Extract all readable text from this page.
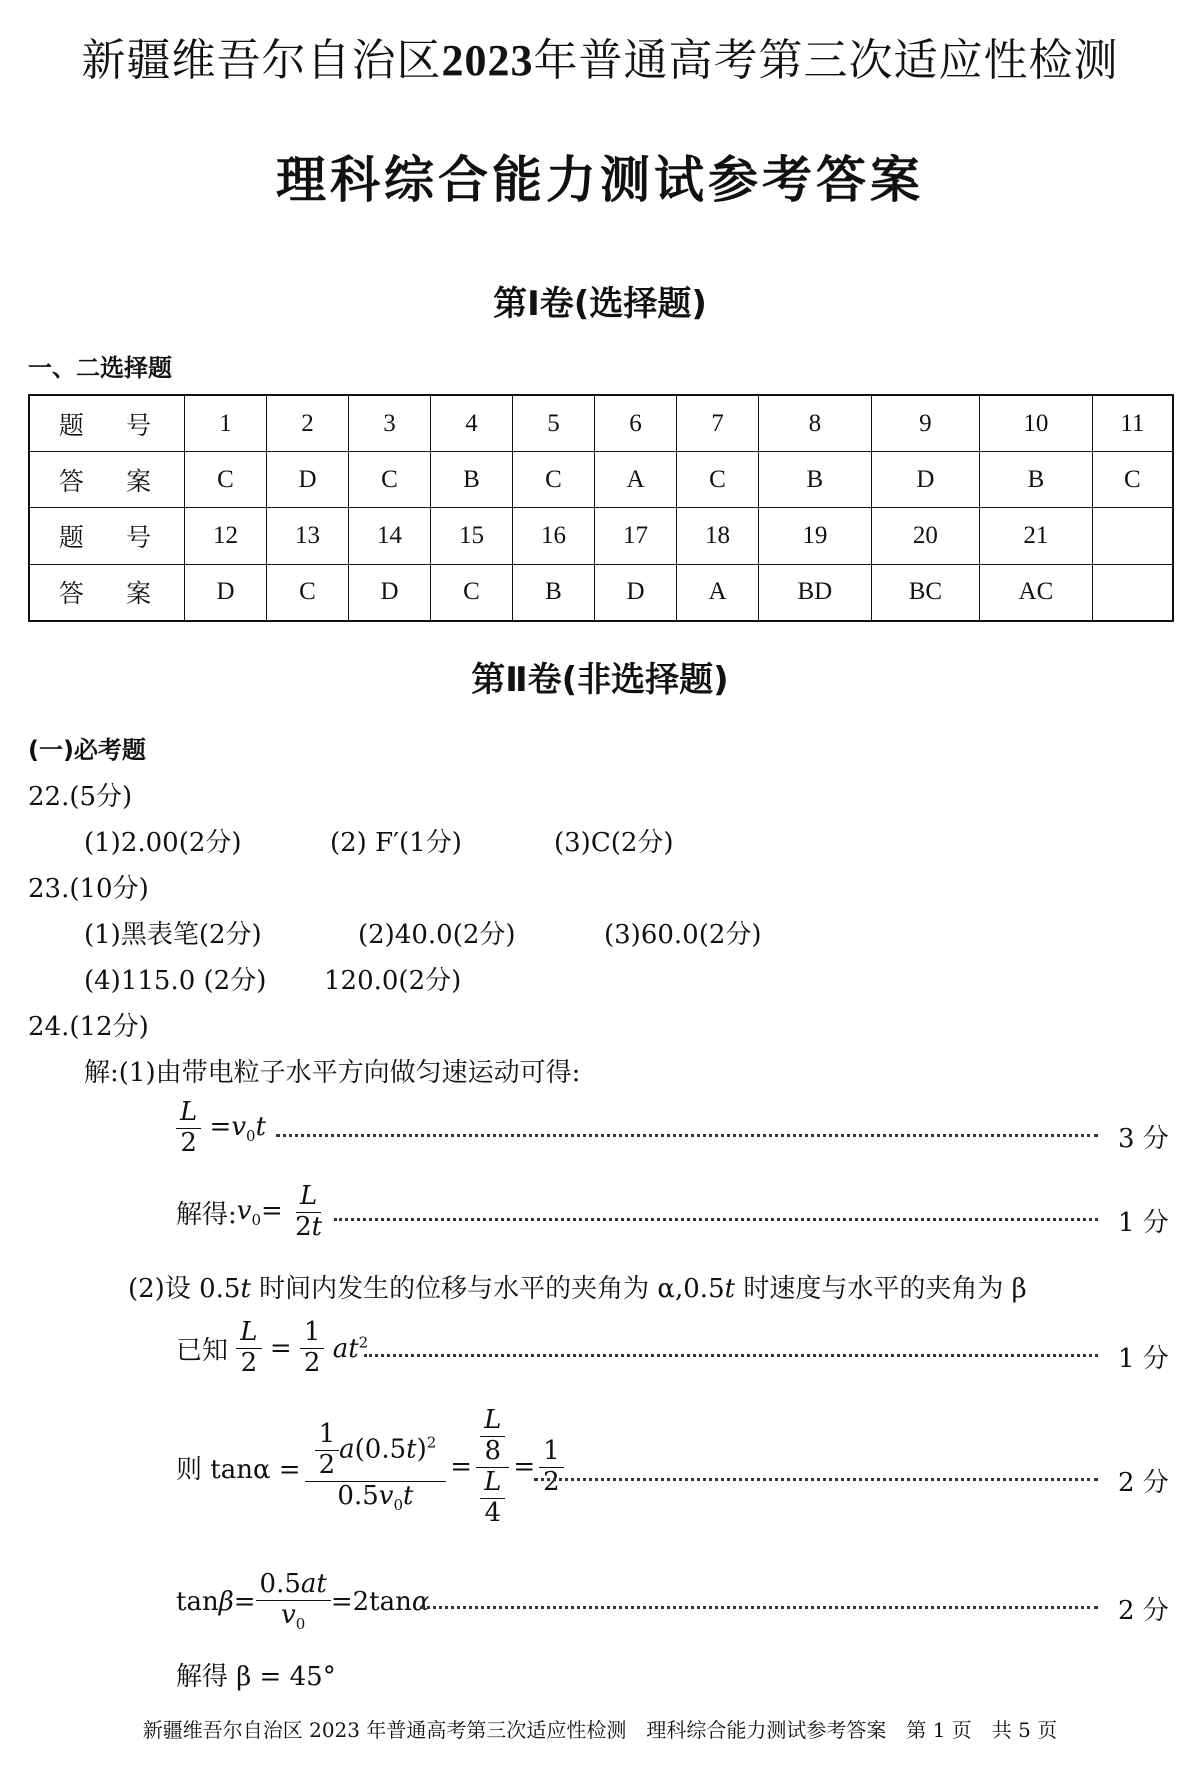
新疆维吾尔自治区2023年普通高考第三次适应性检测
理科综合能力测试参考答案
第Ⅰ卷(选择题)
一、二选择题
题 号	1	2	3	4	5	6	7	8	9	10	11
答 案	C	D	C	B	C	A	C	B	D	B	C
题 号	12	13	14	15	16	17	18	19	20	21	
答 案	D	C	D	C	B	D	A	BD	BC	AC	
第Ⅱ卷(非选择题)
(一)必考题
22.(5分)
(1)2.00(2分)	(2) F′(1分)	(3)C(2分)
23.(10分)
(1)黑表笔(2分)	(2)40.0(2分)	(3)60.0(2分)
(4)115.0 (2分) 120.0(2分)
24.(12分)
解:(1)由带电粒子水平方向做匀速运动可得:
$\frac{L}{2} =v_0t$	3 分
解得$:v_0= \frac{L}{2t}$	1 分
(2)设 0.5t 时间内发生的位移与水平的夹角为 α,0.5t 时速度与水平的夹角为 β
已知 $\frac{L}{2} = \frac{1}{2} at^2$
1 分
则 $\tan\alpha = \frac{\frac{1}{2} a(0.5t)^2}{0.5v_0t} = \frac{\frac{L}{8}}{\frac{L}{4}} = \frac{1}{2}$	2 分
$\tan\beta= \frac{0.5at}{v_0} =2\tan\alpha$	2 分
解得 β = 45°
新疆维吾尔自治区 2023 年普通高考第三次适应性检测　理科综合能力测试参考答案　第 1 页　共 5 页
